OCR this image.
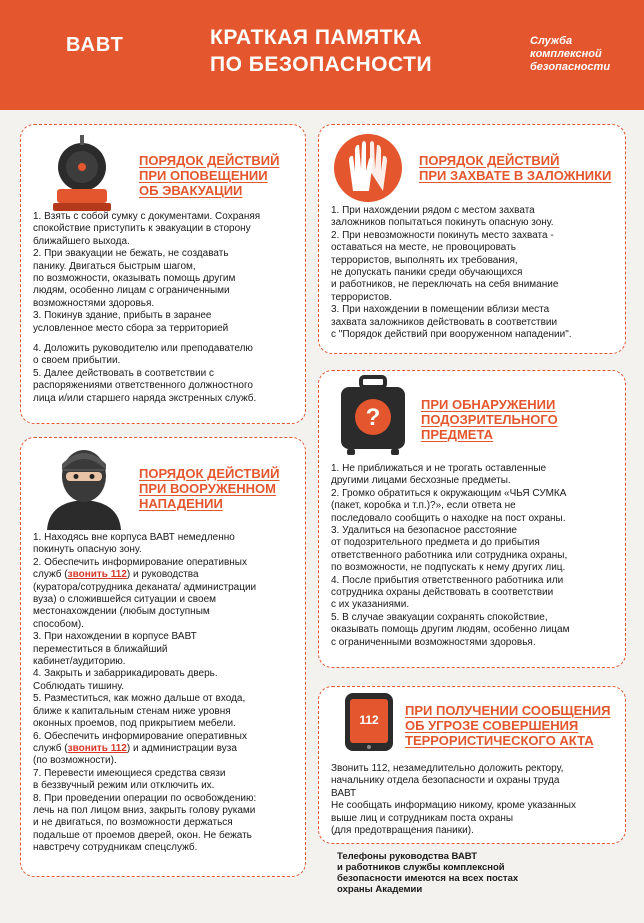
ВАВТ	КРАТКАЯ ПАМЯТКА
ПО БЕЗОПАСНОСТИ
Служба
комплексной
безопасности
ПОРЯДОК ДЕЙСТВИЙ
ПРИ ОПОВЕЩЕНИИ
ОБ ЭВАКУАЦИИ

1. Взять с собой сумку с документами. Сохраняя
спокойствие приступить к эвакуации в сторону
ближайшего выхода.

2. При эвакуации не бежать, не создавать
панику. Двигаться быстрым шагом,
по возможности, оказывать помощь другим
людям, особенно лицам с ограниченными
возможностями здоровья.

3. Покинув здание, прибыть в заранее
условленное место сбора за территорией

4. Доложить руководителю или преподавателю
о своем прибытии.

5. Далее действовать в соответствии с
распоряжениями ответственного должностного
лица и/или старшего наряда экстренных служб.

ПОРЯДОК ДЕЙСТВИЙ
ПРИ ЗАХВАТЕ В ЗАЛОЖНИКИ

1. При нахождении рядом с местом захвата
заложников попытаться покинуть опасную зону.

2. При невозможности покинуть место захвата -
оставаться на месте, не провоцировать
террористов, выполнять их требования,
не допускать паники среди обучающихся
и работников, не переключать на себя внимание
террористов.

3. При нахождении в помещении вблизи места
захвата заложников действовать в соответствии
с "Порядок действий при вооруженном нападении".

ПОРЯДОК ДЕЙСТВИЙ
ПРИ ВООРУЖЕННОМ
НАПАДЕНИИ

1. Находясь вне корпуса ВАВТ немедленно
покинуть опасную зону.

2. Обеспечить информирование оперативных
служб (звонить 112) и руководства
(куратора/сотрудника деканата/ администрации
вуза) о сложившейся ситуации и своем
местонахождении (любым доступным
способом).

3. При нахождении в корпусе ВАВТ
переместиться в ближайший
кабинет/аудиторию.

4. Закрыть и забаррикадировать дверь.
Соблюдать тишину.

5. Разместиться, как можно дальше от входа,
ближе к капитальным стенам ниже уровня
оконных проемов, под прикрытием мебели.

6. Обеспечить информирование оперативных
служб (звонить 112) и администрации вуза
(по возможности).

7. Перевести имеющиеся средства связи
в беззвучный режим или отключить их.

8. При проведении операции по освобождению:
лечь на пол лицом вниз, закрыть голову руками
и не двигаться, по возможности держаться
подальше от проемов дверей, окон. Не бежать
навстречу сотрудникам спецслужб.

?	ПРИ ОБНАРУЖЕНИИ
ПОДОЗРИТЕЛЬНОГО
ПРЕДМЕТА

1. Не приближаться и не трогать оставленные
другими лицами бесхозные предметы.

2. Громко обратиться к окружающим «ЧЬЯ СУМКА
(пакет, коробка и т.п.)?», если ответа не
последовало сообщить о находке на пост охраны.

3. Удалиться на безопасное расстояние
от подозрительного предмета и до прибытия
ответственного работника или сотрудника охраны,
по возможности, не подпускать к нему других лиц.

4. После прибытия ответственного работника или
сотрудника охраны действовать в соответствии
с их указаниями.

5. В случае эвакуации сохранять спокойствие,
оказывать помощь другим людям, особенно лицам
с ограниченными возможностями здоровья.

112
ПРИ ПОЛУЧЕНИИ СООБЩЕНИЯ
ОБ УГРОЗЕ СОВЕРШЕНИЯ
ТЕРРОРИСТИЧЕСКОГО АКТА

Звонить 112, незамедлительно доложить ректору,
начальнику отдела безопасности и охраны труда
ВАВТ

Не сообщать информацию никому, кроме указанных
выше лиц и сотрудникам поста охраны
(для предотвращения паники).

Телефоны руководства ВАВТ
и работников службы комплексной
безопасности имеются на всех постах
охраны Академии
